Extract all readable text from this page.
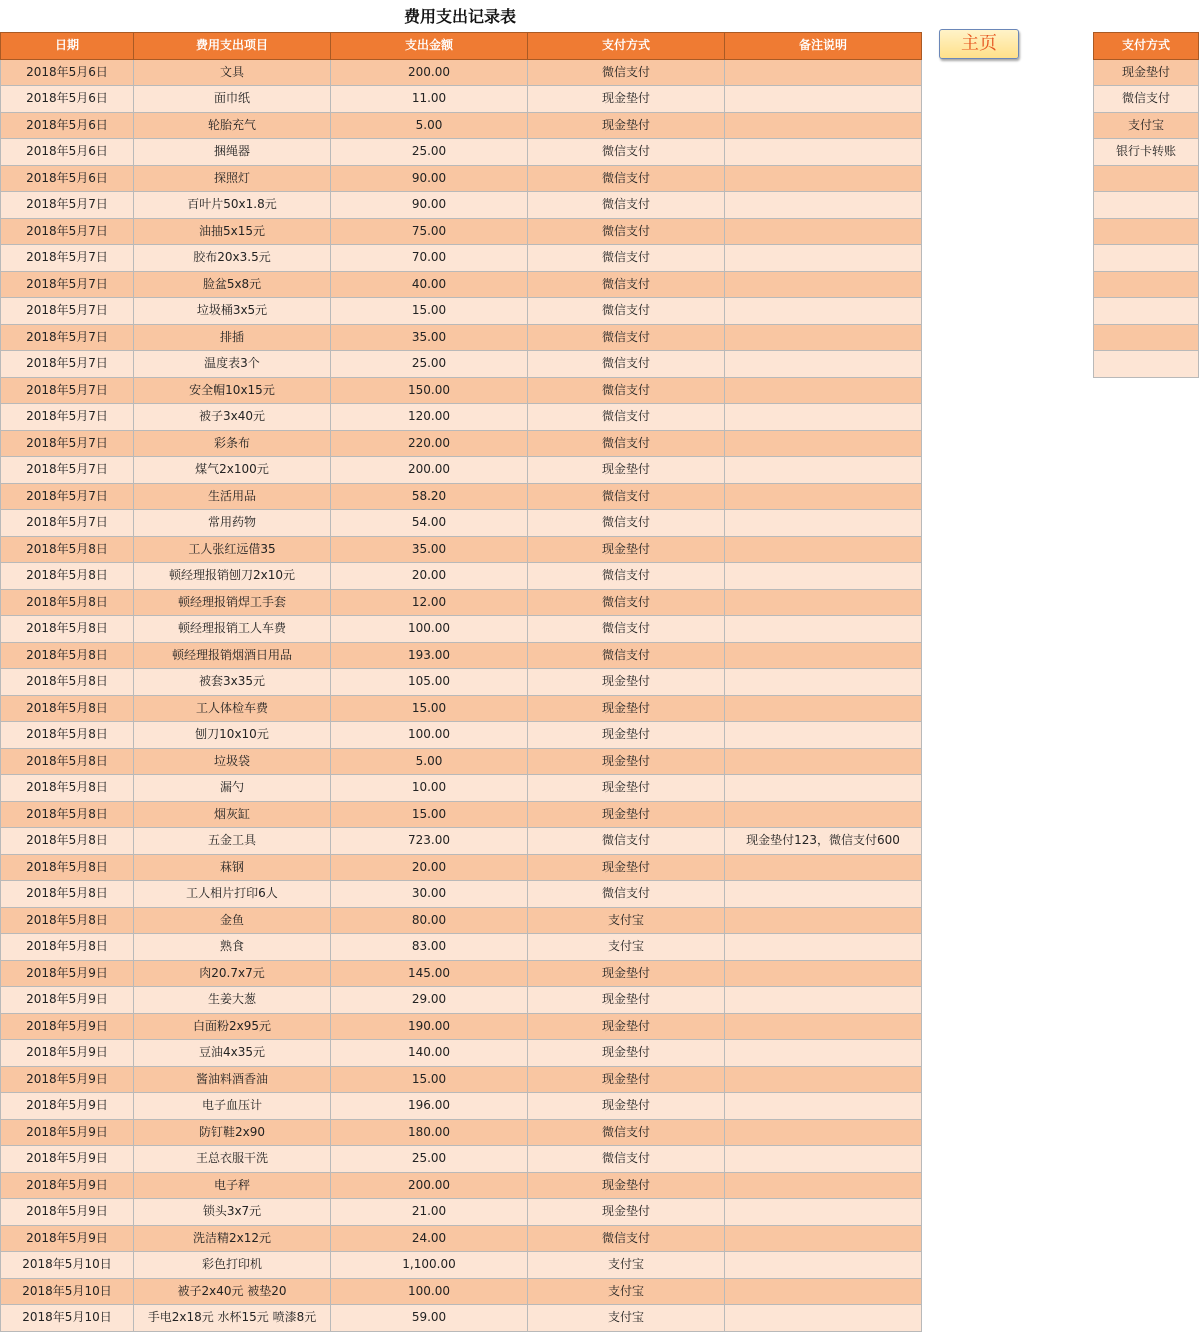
费用支出记录表
日期	费用支出项目	支出金额	支付方式	备注说明
2018年5月6日	文具	200.00	微信支付	
2018年5月6日	面巾纸	11.00	现金垫付	
2018年5月6日	轮胎充气	5.00	现金垫付	
2018年5月6日	捆绳器	25.00	微信支付	
2018年5月6日	探照灯	90.00	微信支付	
2018年5月7日	百叶片50x1.8元	90.00	微信支付	
2018年5月7日	油抽5x15元	75.00	微信支付	
2018年5月7日	胶布20x3.5元	70.00	微信支付	
2018年5月7日	脸盆5x8元	40.00	微信支付	
2018年5月7日	垃圾桶3x5元	15.00	微信支付	
2018年5月7日	排插	35.00	微信支付	
2018年5月7日	温度表3个	25.00	微信支付	
2018年5月7日	安全帽10x15元	150.00	微信支付	
2018年5月7日	被子3x40元	120.00	微信支付	
2018年5月7日	彩条布	220.00	微信支付	
2018年5月7日	煤气2x100元	200.00	现金垫付	
2018年5月7日	生活用品	58.20	微信支付	
2018年5月7日	常用药物	54.00	微信支付	
2018年5月8日	工人张红远借35	35.00	现金垫付	
2018年5月8日	顿经理报销刨刀2x10元	20.00	微信支付	
2018年5月8日	顿经理报销焊工手套	12.00	微信支付	
2018年5月8日	顿经理报销工人车费	100.00	微信支付	
2018年5月8日	顿经理报销烟酒日用品	193.00	微信支付	
2018年5月8日	被套3x35元	105.00	现金垫付	
2018年5月8日	工人体检车费	15.00	现金垫付	
2018年5月8日	刨刀10x10元	100.00	现金垫付	
2018年5月8日	垃圾袋	5.00	现金垫付	
2018年5月8日	漏勺	10.00	现金垫付	
2018年5月8日	烟灰缸	15.00	现金垫付	
2018年5月8日	五金工具	723.00	微信支付	现金垫付123，微信支付600
2018年5月8日	菻钢	20.00	现金垫付	
2018年5月8日	工人相片打印6人	30.00	微信支付	
2018年5月8日	金鱼	80.00	支付宝	
2018年5月8日	熟食	83.00	支付宝	
2018年5月9日	肉20.7x7元	145.00	现金垫付	
2018年5月9日	生姜大葱	29.00	现金垫付	
2018年5月9日	白面粉2x95元	190.00	现金垫付	
2018年5月9日	豆油4x35元	140.00	现金垫付	
2018年5月9日	酱油料酒香油	15.00	现金垫付	
2018年5月9日	电子血压计	196.00	现金垫付	
2018年5月9日	防钉鞋2x90	180.00	微信支付	
2018年5月9日	王总衣服干洗	25.00	微信支付	
2018年5月9日	电子秤	200.00	现金垫付	
2018年5月9日	锁头3x7元	21.00	现金垫付	
2018年5月9日	洗洁精2x12元	24.00	微信支付	
2018年5月10日	彩色打印机	1,100.00	支付宝	
2018年5月10日	被子2x40元 被垫20	100.00	支付宝	
2018年5月10日	手电2x18元 水杯15元 喷漆8元	59.00	支付宝	
主页	支付方式
现金垫付
微信支付
支付宝
银行卡转账
